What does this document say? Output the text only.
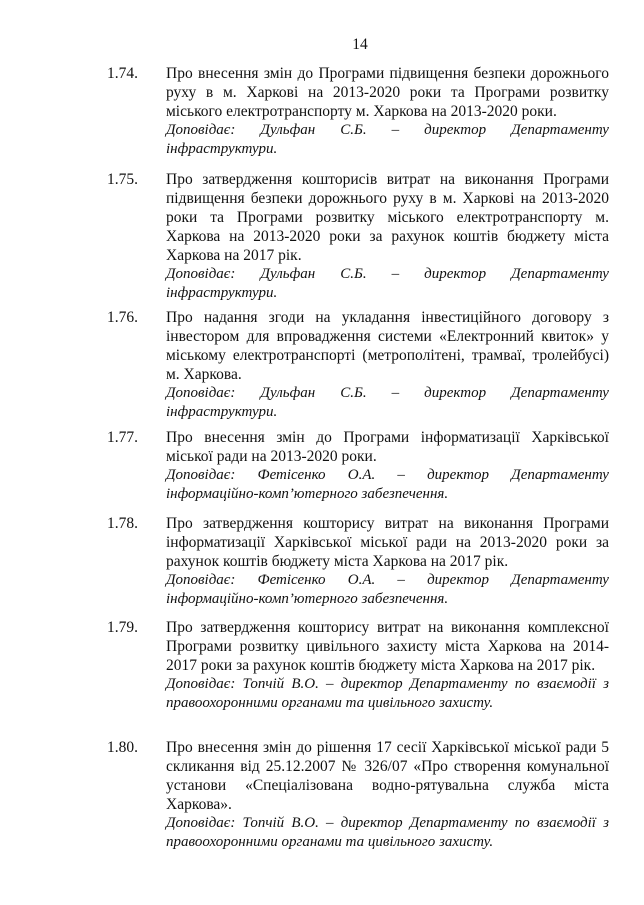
14
1.74. Про внесення змін до Програми підвищення безпеки дорожнього руху в м. Харкові на 2013-2020 роки та Програми розвитку міського електротранспорту м. Харкова на 2013-2020 роки.

Доповідає: Дульфан С.Б. – директор Департаменту
інфраструктури.
1.75. Про затвердження кошторисів витрат на виконання Програми підвищення безпеки дорожнього руху в м. Харкові на 2013-2020 роки та Програми розвитку міського електротранспорту м. Харкова на 2013-2020 роки за рахунок коштів бюджету міста Харкова на 2017 рік.

Доповідає: Дульфан С.Б. – директор Департаменту
інфраструктури.
1.76. Про надання згоди на укладання інвестиційного договору з інвестором для впровадження системи «Електронний квиток» у міському електротранспорті (метрополітені, трамваї, тролейбусі) м. Харкова.

Доповідає: Дульфан С.Б. – директор Департаменту
інфраструктури.
1.77. Про внесення змін до Програми інформатизації Харківської міської ради на 2013-2020 роки.

Доповідає: Фетісенко О.А. – директор Департаменту
інформаційно-комп’ютерного забезпечення.
1.78. Про затвердження кошторису витрат на виконання Програми інформатизації Харківської міської ради на 2013-2020 роки за рахунок коштів бюджету міста Харкова на 2017 рік.

Доповідає: Фетісенко О.А. – директор Департаменту
інформаційно-комп’ютерного забезпечення.
1.79. Про затвердження кошторису витрат на виконання комплексної Програми розвитку цивільного захисту міста Харкова на 2014-2017 роки за рахунок коштів бюджету міста Харкова на 2017 рік.

Доповідає: Топчій В.О. – директор Департаменту по взаємодії з правоохоронними органами та цивільного захисту.

1.80. Про внесення змін до рішення 17 сесії Харківської міської ради 5 скликання від 25.12.2007 № 326/07 «Про створення комунальної установи «Спеціалізована водно-рятувальна служба міста Харкова».

Доповідає: Топчій В.О. – директор Департаменту по взаємодії з правоохоронними органами та цивільного захисту.
